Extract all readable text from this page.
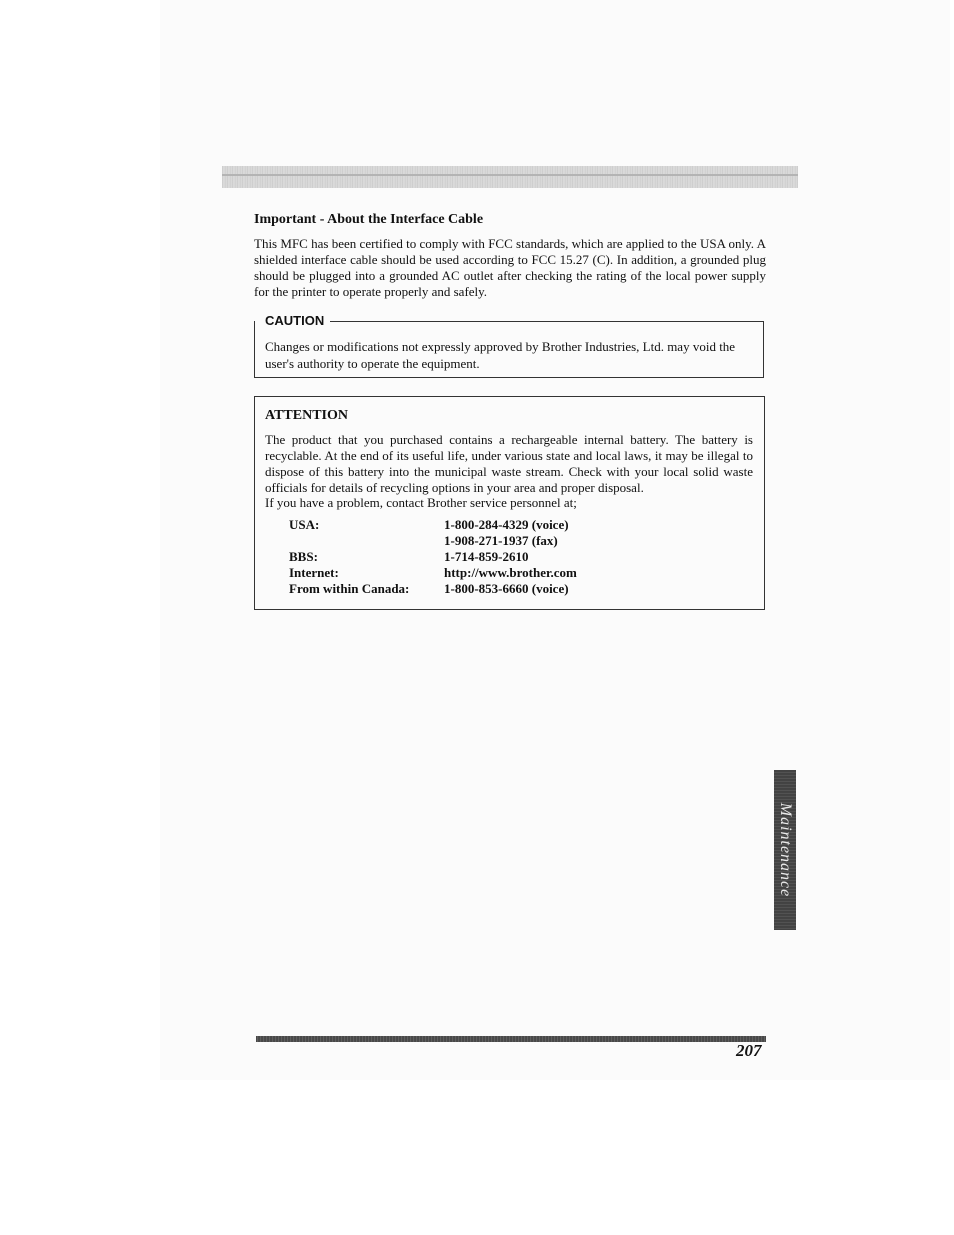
Important - About the Interface Cable
This MFC has been certified to comply with FCC standards, which are applied to the USA only. A shielded interface cable should be used according to FCC 15.27 (C). In addition, a grounded plug should be plugged into a grounded AC outlet after checking the rating of the local power supply for the printer to operate properly and safely.
CAUTION
Changes or modifications not expressly approved by Brother Industries, Ltd. may void the user's authority to operate the equipment.
ATTENTION
The product that you purchased contains a rechargeable internal battery. The battery is recyclable. At the end of its useful life, under various state and local laws, it may be illegal to dispose of this battery into the municipal waste stream. Check with your local solid waste officials for details of recycling options in your area and proper disposal.
If you have a problem, contact Brother service personnel at;
USA:	1-800-284-4329 (voice)
1-908-271-1937 (fax)
BBS:	1-714-859-2610
Internet:	http://www.brother.com
From within Canada:	1-800-853-6660 (voice)
Maintenance
207
